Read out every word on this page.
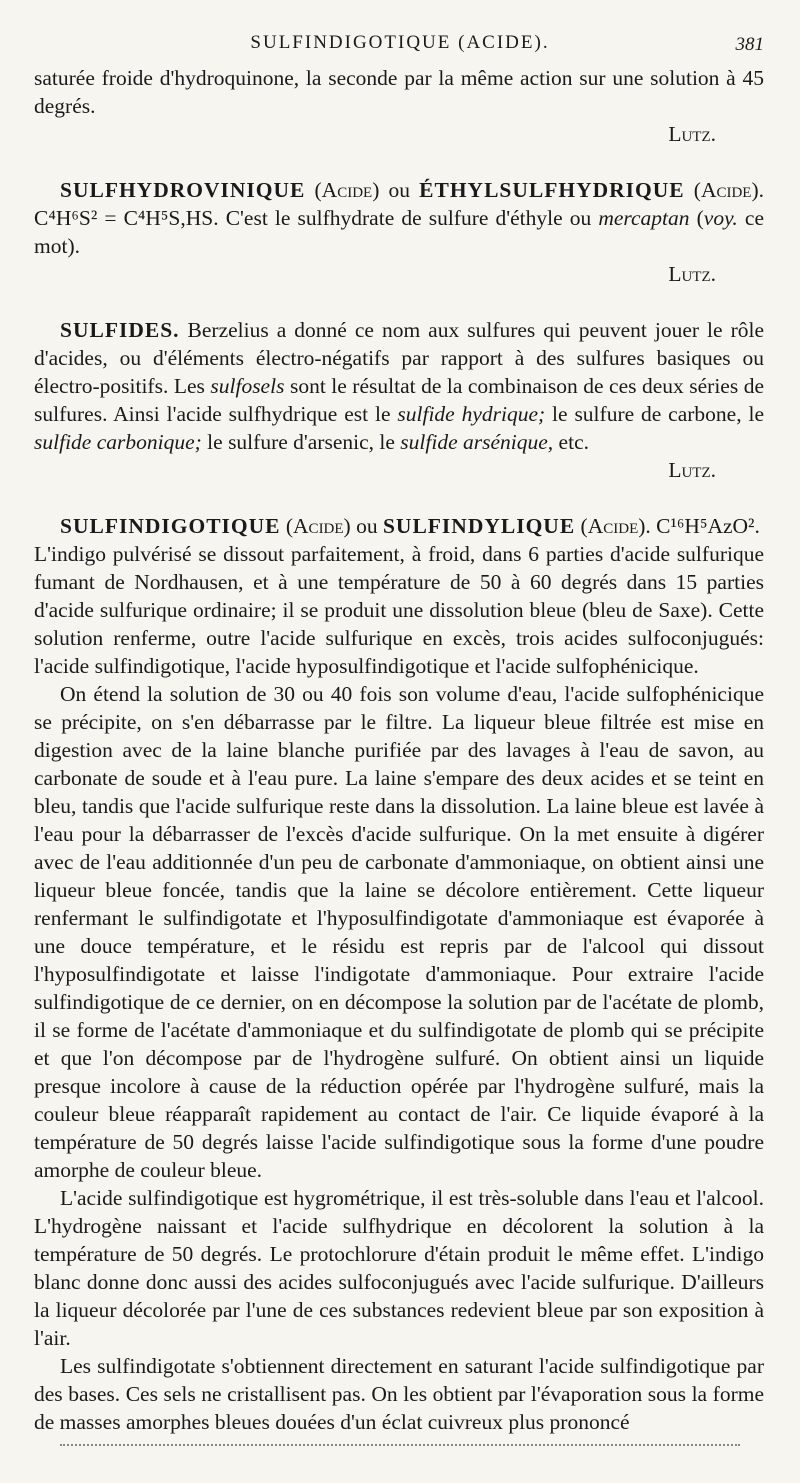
SULFINDIGOTIQUE (ACIDE).	381

saturée froide d'hydroquinone, la seconde par la même action sur une solution à 45 degrés.

Lutz.

SULFHYDROVINIQUE (Acide) ou ÉTHYLSULFHYDRIQUE (Acide). C⁴H⁶S² = C⁴H⁵S,HS. C'est le sulfhydrate de sulfure d'éthyle ou mercaptan (voy. ce mot).

Lutz.

SULFIDES. Berzelius a donné ce nom aux sulfures qui peuvent jouer le rôle d'acides, ou d'éléments électro-négatifs par rapport à des sulfures basiques ou électro-positifs. Les sulfosels sont le résultat de la combinaison de ces deux séries de sulfures. Ainsi l'acide sulfhydrique est le sulfide hydrique; le sulfure de carbone, le sulfide carbonique; le sulfure d'arsenic, le sulfide arsénique, etc.

Lutz.

SULFINDIGOTIQUE (Acide) ou SULFINDYLIQUE (Acide). C¹⁶H⁵AzO².

L'indigo pulvérisé se dissout parfaitement, à froid, dans 6 parties d'acide sulfurique fumant de Nordhausen, et à une température de 50 à 60 degrés dans 15 parties d'acide sulfurique ordinaire; il se produit une dissolution bleue (bleu de Saxe). Cette solution renferme, outre l'acide sulfurique en excès, trois acides sulfoconjugués: l'acide sulfindigotique, l'acide hyposulfindigotique et l'acide sulfophénicique.

On étend la solution de 30 ou 40 fois son volume d'eau, l'acide sulfophénicique se précipite, on s'en débarrasse par le filtre. La liqueur bleue filtrée est mise en digestion avec de la laine blanche purifiée par des lavages à l'eau de savon, au carbonate de soude et à l'eau pure. La laine s'empare des deux acides et se teint en bleu, tandis que l'acide sulfurique reste dans la dissolution. La laine bleue est lavée à l'eau pour la débarrasser de l'excès d'acide sulfurique. On la met ensuite à digérer avec de l'eau additionnée d'un peu de carbonate d'ammoniaque, on obtient ainsi une liqueur bleue foncée, tandis que la laine se décolore entièrement. Cette liqueur renfermant le sulfindigotate et l'hyposulfindigotate d'ammoniaque est évaporée à une douce température, et le résidu est repris par de l'alcool qui dissout l'hyposulfindigotate et laisse l'indigotate d'ammoniaque. Pour extraire l'acide sulfindigotique de ce dernier, on en décompose la solution par de l'acétate de plomb, il se forme de l'acétate d'ammoniaque et du sulfindigotate de plomb qui se précipite et que l'on décompose par de l'hydrogène sulfuré. On obtient ainsi un liquide presque incolore à cause de la réduction opérée par l'hydrogène sulfuré, mais la couleur bleue réapparaît rapidement au contact de l'air. Ce liquide évaporé à la température de 50 degrés laisse l'acide sulfindigotique sous la forme d'une poudre amorphe de couleur bleue.

L'acide sulfindigotique est hygrométrique, il est très-soluble dans l'eau et l'alcool. L'hydrogène naissant et l'acide sulfhydrique en décolorent la solution à la température de 50 degrés. Le protochlorure d'étain produit le même effet. L'indigo blanc donne donc aussi des acides sulfoconjugués avec l'acide sulfurique. D'ailleurs la liqueur décolorée par l'une de ces substances redevient bleue par son exposition à l'air.

Les sulfindigotate s'obtiennent directement en saturant l'acide sulfindigotique par des bases. Ces sels ne cristallisent pas. On les obtient par l'évaporation sous la forme de masses amorphes bleues douées d'un éclat cuivreux plus prononcé
